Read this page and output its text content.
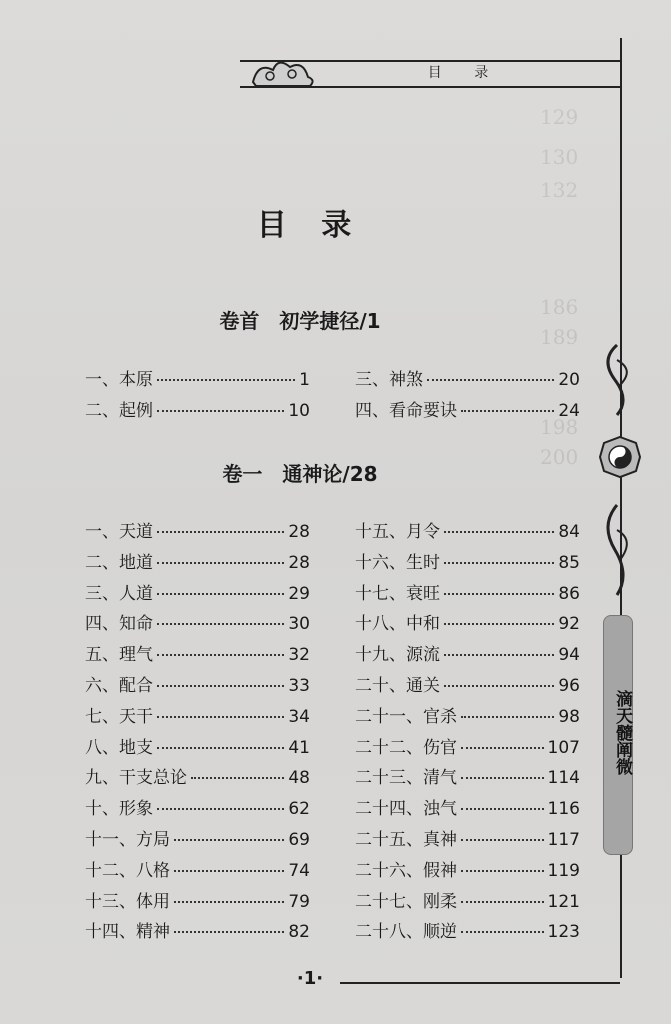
129
130
132
186
189
198
200
目 录
滴天髓阐微
目 录
卷首　初学捷径/1
一、本原	1
二、起例	10
三、神煞	20
四、看命要诀	24
卷一　通神论/28
一、天道	28
二、地道	28
三、人道	29
四、知命	30
五、理气	32
六、配合	33
七、天干	34
八、地支	41
九、干支总论	48
十、形象	62
十一、方局	69
十二、八格	74
十三、体用	79
十四、精神	82
十五、月令	84
十六、生时	85
十七、衰旺	86
十八、中和	92
十九、源流	94
二十、通关	96
二十一、官杀	98
二十二、伤官	107
二十三、清气	114
二十四、浊气	116
二十五、真神	117
二十六、假神	119
二十七、刚柔	121
二十八、顺逆	123
·1·
